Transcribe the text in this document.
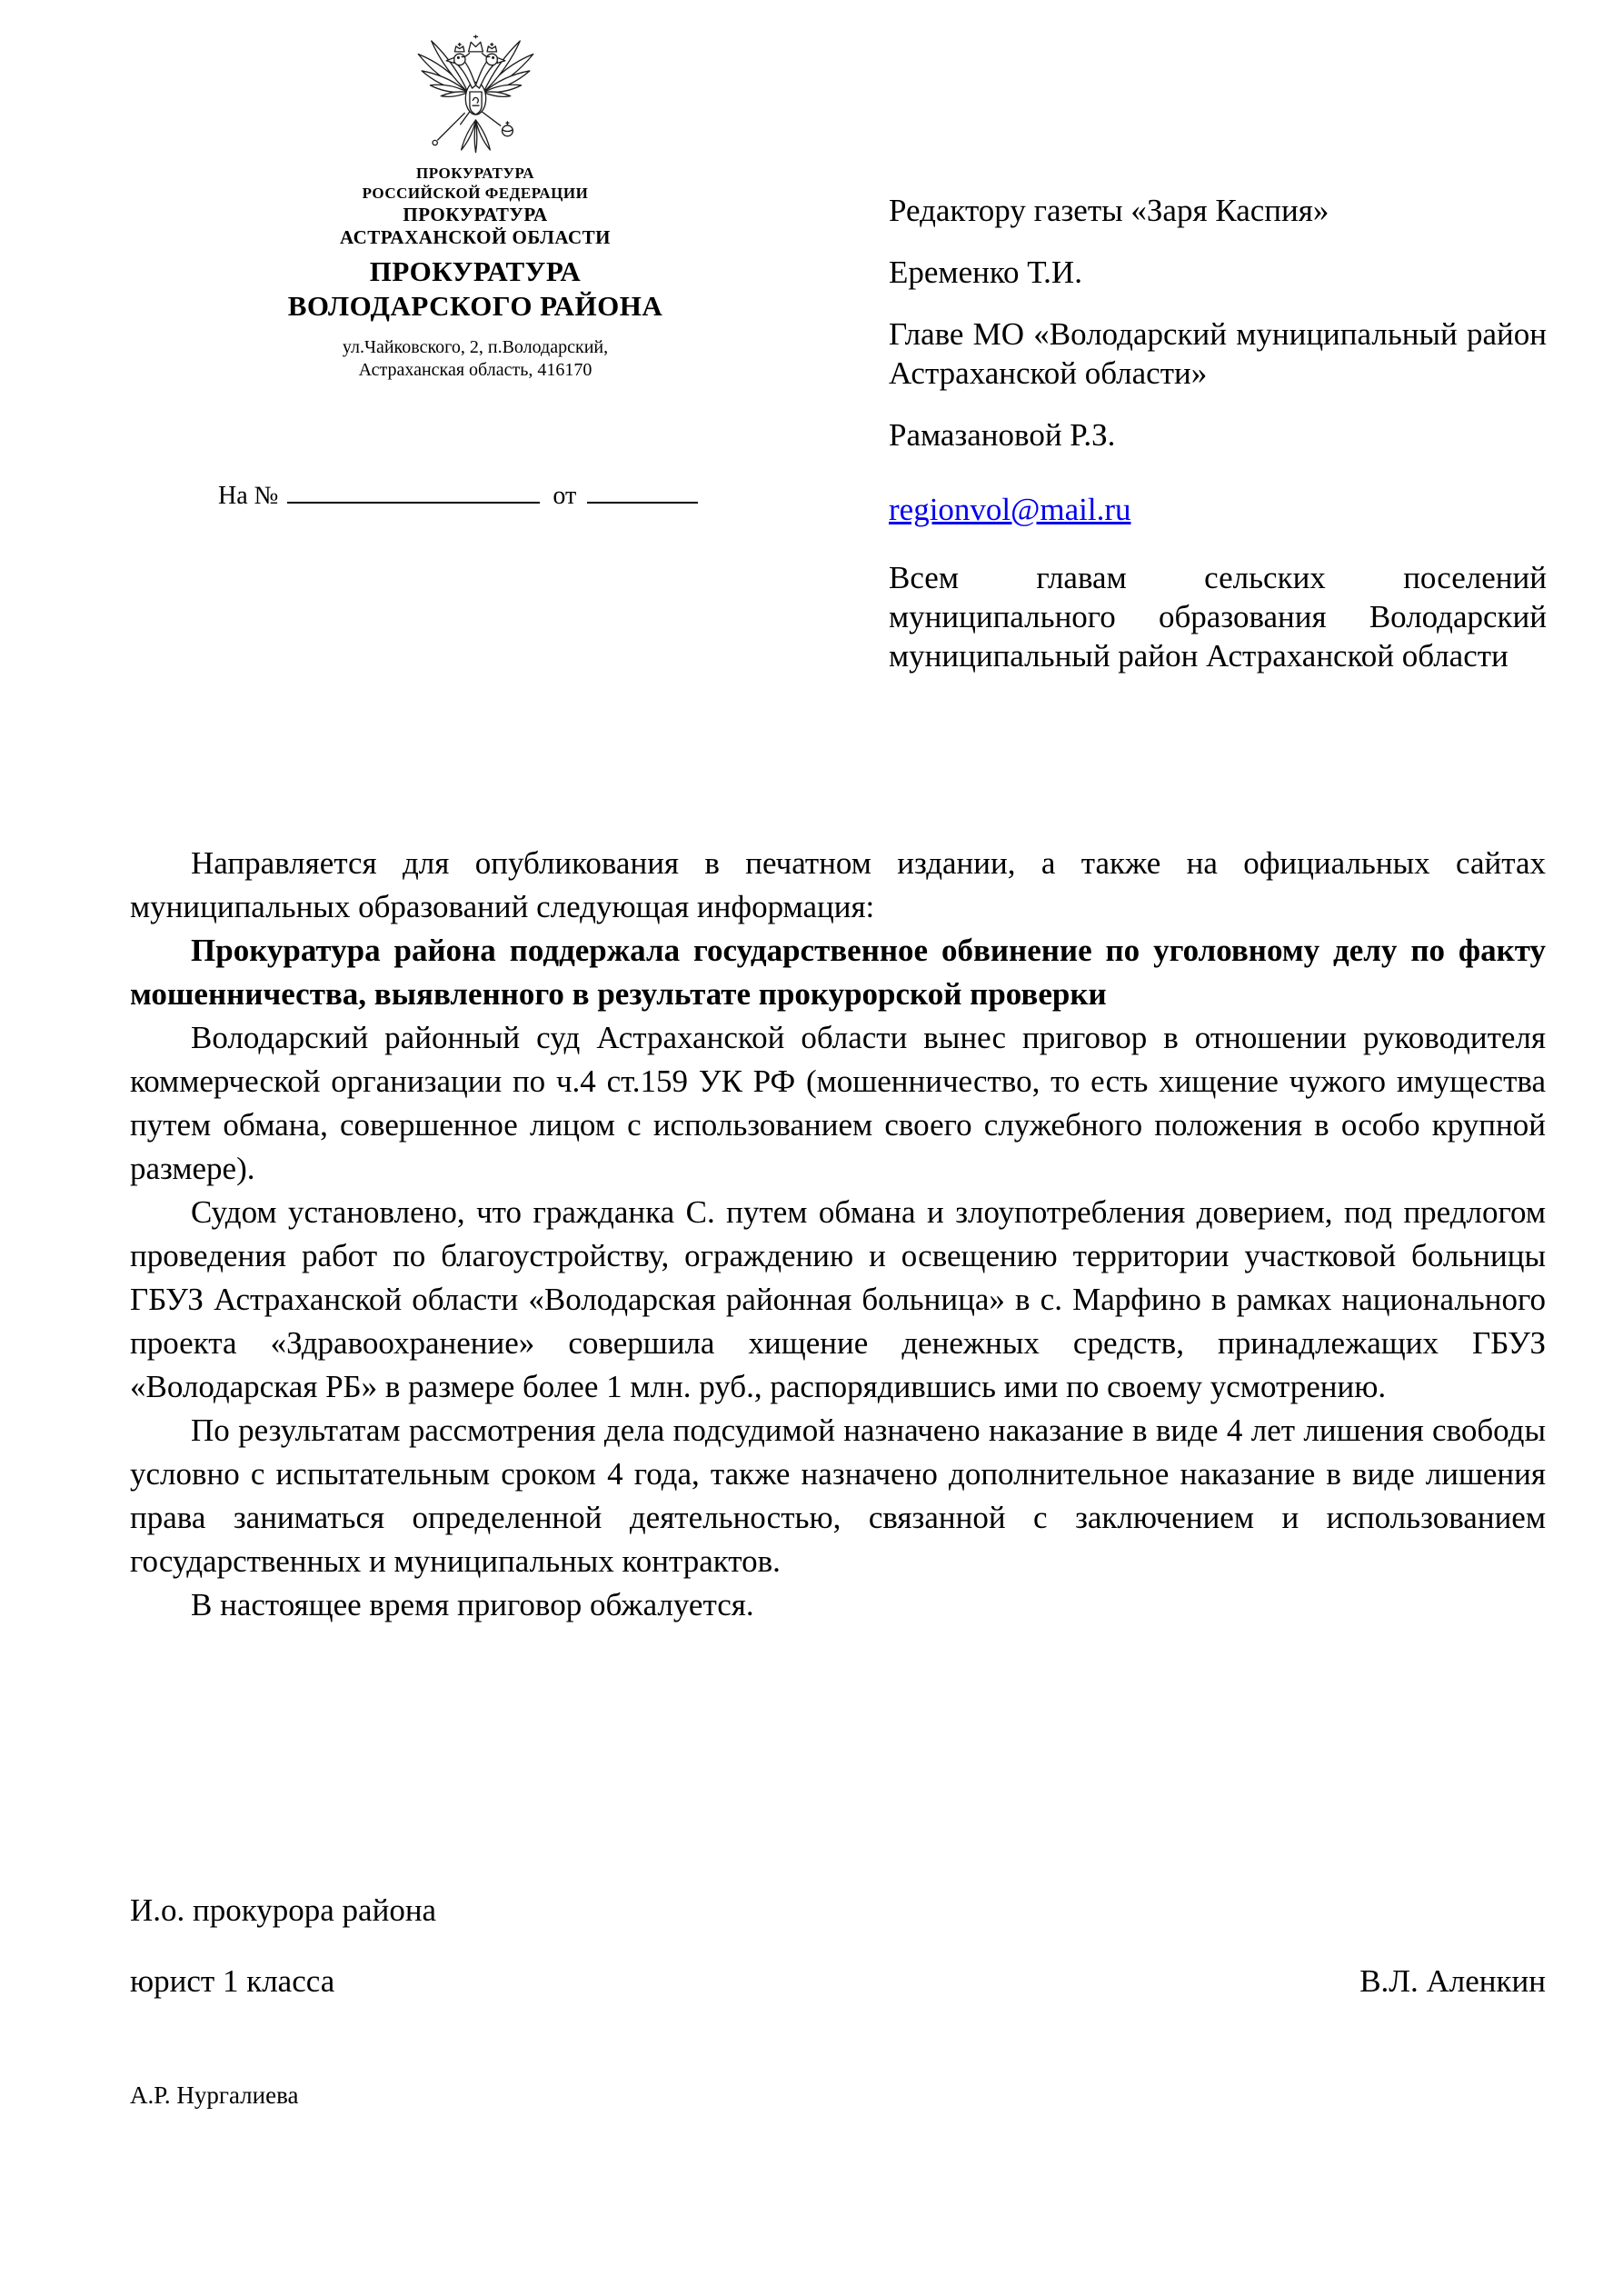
ПРОКУРАТУРА
РОССИЙСКОЙ ФЕДЕРАЦИИ
ПРОКУРАТУРА
АСТРАХАНСКОЙ ОБЛАСТИ
ПРОКУРАТУРА
ВОЛОДАРСКОГО РАЙОНА
ул.Чайковского, 2, п.Володарский,
Астраханская область, 416170
На №	от

Редактору газеты «Заря Каспия»

Еременко Т.И.

Главе МО «Володарский муниципальный район Астраханской области»

Рамазановой Р.З.

regionvol@mail.ru

Всем главам сельских поселений муниципального образования Володарский муниципальный район Астраханской области

Направляется для опубликования в печатном издании, а также на официальных сайтах муниципальных образований следующая информация:

Прокуратура района поддержала государственное обвинение по уголовному делу по факту мошенничества, выявленного в результате прокурорской проверки

Володарский районный суд Астраханской области вынес приговор в отношении руководителя коммерческой организации по ч.4 ст.159 УК РФ (мошенничество, то есть хищение чужого имущества путем обмана, совершенное лицом с использованием своего служебного положения в особо крупной размере).

Судом установлено, что гражданка С. путем обмана и злоупотребления доверием, под предлогом проведения работ по благоустройству, ограждению и освещению территории участковой больницы ГБУЗ Астраханской области «Володарская районная больница» в с. Марфино в рамках национального проекта «Здравоохранение» совершила хищение денежных средств, принадлежащих ГБУЗ «Володарская РБ» в размере более 1 млн. руб., распорядившись ими по своему усмотрению.

По результатам рассмотрения дела подсудимой назначено наказание в виде 4 лет лишения свободы условно с испытательным сроком 4 года, также назначено дополнительное наказание в виде лишения права заниматься определенной деятельностью, связанной с заключением и использованием государственных и муниципальных контрактов.

В настоящее время приговор обжалуется.

И.о. прокурора района
юрист 1 класса	В.Л. Аленкин
А.Р. Нургалиева
